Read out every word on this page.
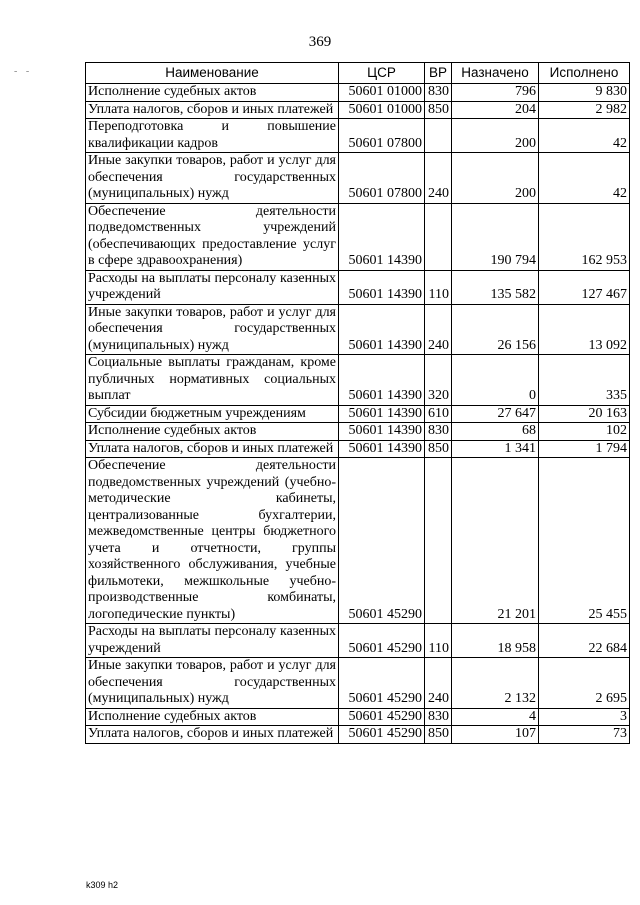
369
- -	Наименование	ЦСР	ВР	Назначено	Исполнено
Исполнение судебных актов	50601 01000	830	796	9 830
Уплата налогов, сборов и иных платежей	50601 01000	850	204	2 982
Переподготовка и повышение квалификации кадров	50601 07800		200	42
Иные закупки товаров, работ и услуг для обеспечения государственных (муниципальных) нужд	50601 07800	240	200	42
Обеспечение деятельности подведомственных учреждений (обеспечивающих предоставление услуг в сфере здравоохранения)	50601 14390		190 794	162 953
Расходы на выплаты персоналу казенных учреждений	50601 14390	110	135 582	127 467
Иные закупки товаров, работ и услуг для обеспечения государственных (муниципальных) нужд	50601 14390	240	26 156	13 092
Социальные выплаты гражданам, кроме публичных нормативных социальных выплат	50601 14390	320	0	335
Субсидии бюджетным учреждениям	50601 14390	610	27 647	20 163
Исполнение судебных актов	50601 14390	830	68	102
Уплата налогов, сборов и иных платежей	50601 14390	850	1 341	1 794
Обеспечение деятельности подведомственных учреждений (учебно-методические кабинеты, централизованные бухгалтерии, межведомственные центры бюджетного учета и отчетности, группы хозяйственного обслуживания, учебные фильмотеки, межшкольные учебно-производственные комбинаты, логопедические пункты)	50601 45290		21 201	25 455
Расходы на выплаты персоналу казенных учреждений	50601 45290	110	18 958	22 684
Иные закупки товаров, работ и услуг для обеспечения государственных (муниципальных) нужд	50601 45290	240	2 132	2 695
Исполнение судебных актов	50601 45290	830	4	3
Уплата налогов, сборов и иных платежей	50601 45290	850	107	73
k309 h2
